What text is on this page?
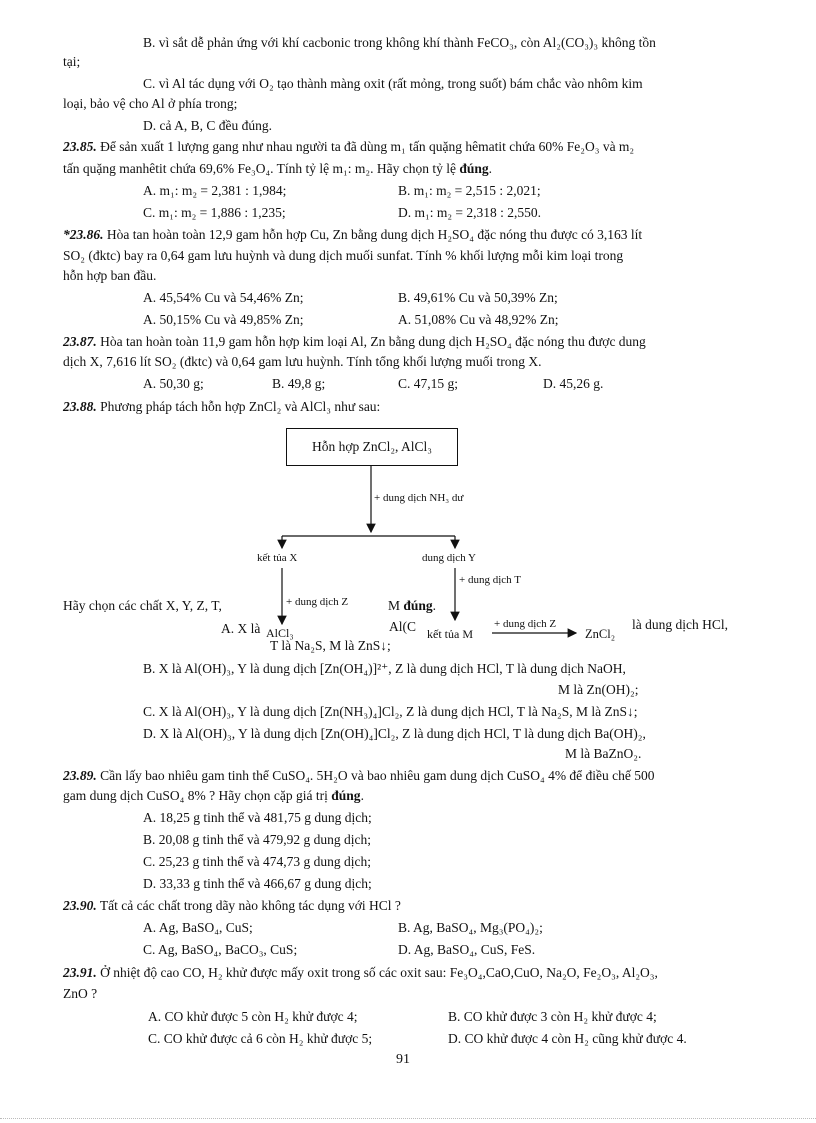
B. vì sắt dễ phản ứng với khí cacbonic trong không khí thành FeCO₃, còn Al₂(CO₃)₃ không tồn
tại;
C. vì Al tác dụng với O₂ tạo thành màng oxit (rất mỏng, trong suốt) bám chắc vào nhôm kim
loại, bảo vệ cho Al ở phía trong;
D. cả A, B, C đều đúng.
23.85. Để sản xuất 1 lượng gang như nhau người ta đã dùng m₁ tấn quặng hêmatit chứa 60% Fe₂O₃ và m₂
tấn quặng manhêtit chứa 69,6% Fe₃O₄. Tính tỷ lệ m₁: m₂. Hãy chọn tỷ lệ đúng.
A. m₁: m₂ = 2,381 : 1,984;	B. m₁: m₂ = 2,515 : 2,021;
C. m₁: m₂ = 1,886 : 1,235;	D. m₁: m₂ = 2,318 : 2,550.
*23.86. Hòa tan hoàn toàn 12,9 gam hỗn hợp Cu, Zn bằng dung dịch H₂SO₄ đặc nóng thu được có 3,163 lít
SO₂ (đktc) bay ra 0,64 gam lưu huỳnh và dung dịch muối sunfat. Tính % khối lượng mỗi kim loại trong
hỗn hợp ban đầu.
A. 45,54% Cu và 54,46% Zn;	B. 49,61% Cu và 50,39% Zn;
A. 50,15% Cu và 49,85% Zn;	A. 51,08% Cu và 48,92% Zn;
23.87. Hòa tan hoàn toàn 11,9 gam hỗn hợp kim loại Al, Zn bằng dung dịch H₂SO₄ đặc nóng thu được dung
dịch X, 7,616 lít SO₂ (đktc) và 0,64 gam lưu huỳnh. Tính tổng khối lượng muối trong X.
A. 50,30 g;	B. 49,8 g;	C. 47,15 g;	D. 45,26 g.
23.88. Phương pháp tách hỗn hợp ZnCl₂ và AlCl₃ như sau:
Hỗn hợp ZnCl₂, AlCl₃
+ dung dịch NH₃ dư
kết tủa X	dung dịch Y
+ dung dịch T
+ dung dịch Z
Hãy chọn các chất X, Y, Z, T,	M đúng.
A. X là AlCl₃	Al(C kết tủa M
+ dung dịch Z
ZnCl₂
là dung dịch HCl,
T là Na₂S, M là ZnS↓;
B. X là Al(OH)₃, Y là dung dịch [Zn(OH₄)]²⁺, Z là dung dịch HCl, T là dung dịch NaOH,
M là Zn(OH)₂;
C. X là Al(OH)₃, Y là dung dịch [Zn(NH₃)₄]Cl₂, Z là dung dịch HCl, T là Na₂S, M là ZnS↓;
D. X là Al(OH)₃, Y là dung dịch [Zn(OH)₄]Cl₂, Z là dung dịch HCl, T là dung dịch Ba(OH)₂,
M là BaZnO₂.
23.89. Cần lấy bao nhiêu gam tinh thể CuSO₄. 5H₂O và bao nhiêu gam dung dịch CuSO₄ 4% để điều chế 500
gam dung dịch CuSO₄ 8% ? Hãy chọn cặp giá trị đúng.
A. 18,25 g tinh thể và 481,75 g dung dịch;
B. 20,08 g tinh thể và 479,92 g dung dịch;
C. 25,23 g tinh thể và 474,73 g dung dịch;
D. 33,33 g tinh thể và 466,67 g dung dịch;
23.90. Tất cả các chất trong dãy nào không tác dụng với HCl ?
A. Ag, BaSO₄, CuS;	B. Ag, BaSO₄, Mg₃(PO₄)₂;
C. Ag, BaSO₄, BaCO₃, CuS;	D. Ag, BaSO₄, CuS, FeS.
23.91. Ở nhiệt độ cao CO, H₂ khử được mấy oxit trong số các oxit sau: Fe₃O₄,CaO,CuO, Na₂O, Fe₂O₃, Al₂O₃,
ZnO ?
A. CO khử được 5 còn H₂ khử được 4;	B. CO khử được 3 còn H₂ khử được 4;
C. CO khử được cả 6 còn H₂ khử được 5;	D. CO khử được 4 còn H₂ cũng khử được 4.
91
